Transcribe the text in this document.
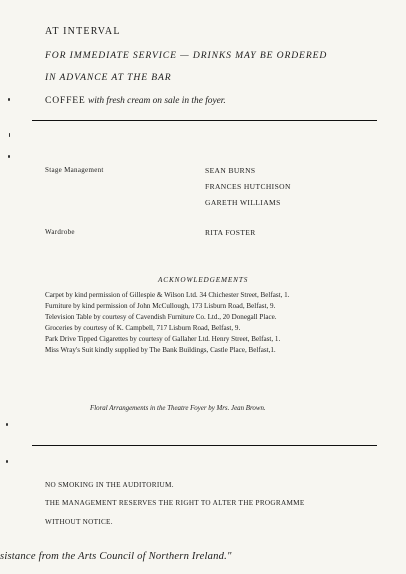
AT INTERVAL
FOR IMMEDIATE SERVICE — DRINKS MAY BE ORDERED
IN ADVANCE AT THE BAR
COFFEE with fresh cream on sale in the foyer.
Stage Management	SEAN BURNS
FRANCES HUTCHISON
GARETH WILLIAMS
Wardrobe	RITA FOSTER
ACKNOWLEDGEMENTS
Carpet by kind permission of Gillespie & Wilson Ltd. 34 Chichester Street, Belfast, 1.
Furniture by kind permission of John McCullough, 173 Lisburn Road, Belfast, 9.
Television Table by courtesy of Cavendish Furniture Co. Ltd., 20 Donegall Place.
Groceries by courtesy of K. Campbell, 717 Lisburn Road, Belfast, 9.
Park Drive Tipped Cigarettes by courtesy of Gallaher Ltd. Henry Street, Belfast, 1.
Miss Wray's Suit kindly supplied by The Bank Buildings, Castle Place, Belfast,1.
Floral Arrangements in the Theatre Foyer by Mrs. Jean Brown.
NO SMOKING IN THE AUDITORIUM.
THE MANAGEMENT RESERVES THE RIGHT TO ALTER THE PROGRAMME
WITHOUT NOTICE.
sistance from the Arts Council of Northern Ireland."
